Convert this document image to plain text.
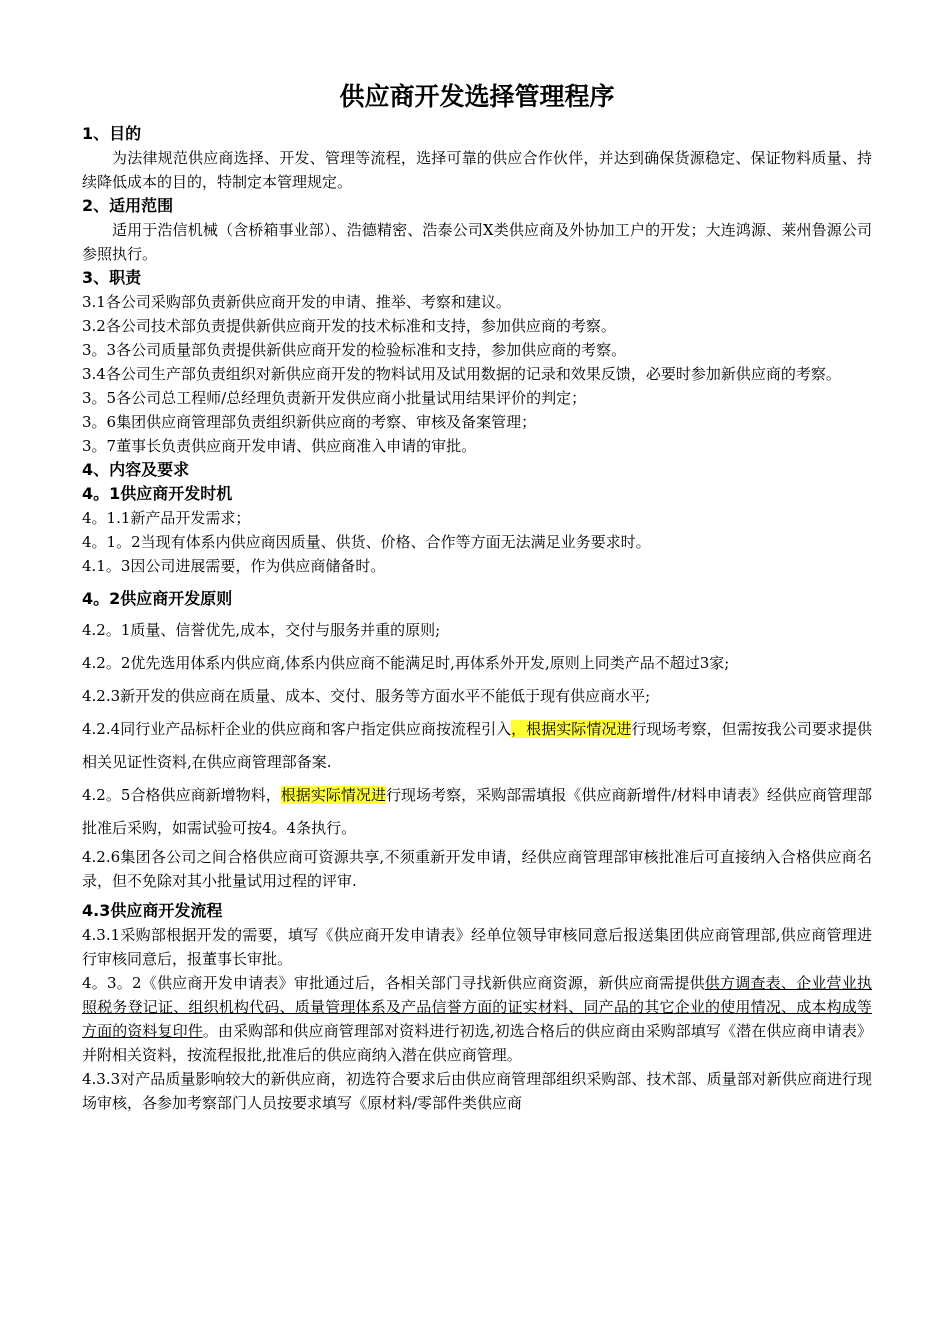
供应商开发选择管理程序
1、目的
为法律规范供应商选择、开发、管理等流程，选择可靠的供应合作伙伴，并达到确保货源稳定、保证物料质量、持续降低成本的目的，特制定本管理规定。
2、适用范围
适用于浩信机械（含桥箱事业部）、浩德精密、浩泰公司X类供应商及外协加工户的开发；大连鸿源、莱州鲁源公司参照执行。
3、职责
3.1各公司采购部负责新供应商开发的申请、推举、考察和建议。
3.2各公司技术部负责提供新供应商开发的技术标准和支持，参加供应商的考察。
3。3各公司质量部负责提供新供应商开发的检验标准和支持，参加供应商的考察。
3.4各公司生产部负责组织对新供应商开发的物料试用及试用数据的记录和效果反馈，必要时参加新供应商的考察。
3。5各公司总工程师/总经理负责新开发供应商小批量试用结果评价的判定；
3。6集团供应商管理部负责组织新供应商的考察、审核及备案管理；
3。7董事长负责供应商开发申请、供应商准入申请的审批。
4、内容及要求
4。1供应商开发时机
4。1.1新产品开发需求；
4。1。2当现有体系内供应商因质量、供货、价格、合作等方面无法满足业务要求时。
4.1。3因公司进展需要，作为供应商储备时。
4。2供应商开发原则
4.2。1质量、信誉优先,成本，交付与服务并重的原则;
4.2。2优先选用体系内供应商,体系内供应商不能满足时,再体系外开发,原则上同类产品不超过3家;
4.2.3新开发的供应商在质量、成本、交付、服务等方面水平不能低于现有供应商水平;
4.2.4同行业产品标杆企业的供应商和客户指定供应商按流程引入，根据实际情况进行现场考察，但需按我公司要求提供相关见证性资料,在供应商管理部备案.
4.2。5合格供应商新增物料，根据实际情况进行现场考察，采购部需填报《供应商新增件/材料申请表》经供应商管理部批准后采购，如需试验可按4。4条执行。
4.2.6集团各公司之间合格供应商可资源共享,不须重新开发申请，经供应商管理部审核批准后可直接纳入合格供应商名录，但不免除对其小批量试用过程的评审.
4.3供应商开发流程
4.3.1采购部根据开发的需要，填写《供应商开发申请表》经单位领导审核同意后报送集团供应商管理部,供应商管理进行审核同意后，报董事长审批。
4。3。2《供应商开发申请表》审批通过后，各相关部门寻找新供应商资源，新供应商需提供供方调查表、企业营业执照税务登记证、组织机构代码、质量管理体系及产品信誉方面的证实材料、同产品的其它企业的使用情况、成本构成等方面的资料复印件。由采购部和供应商管理部对资料进行初选,初选合格后的供应商由采购部填写《潜在供应商申请表》并附相关资料，按流程报批,批准后的供应商纳入潜在供应商管理。
4.3.3对产品质量影响较大的新供应商，初选符合要求后由供应商管理部组织采购部、技术部、质量部对新供应商进行现场审核，各参加考察部门人员按要求填写《原材料/零部件类供应商
